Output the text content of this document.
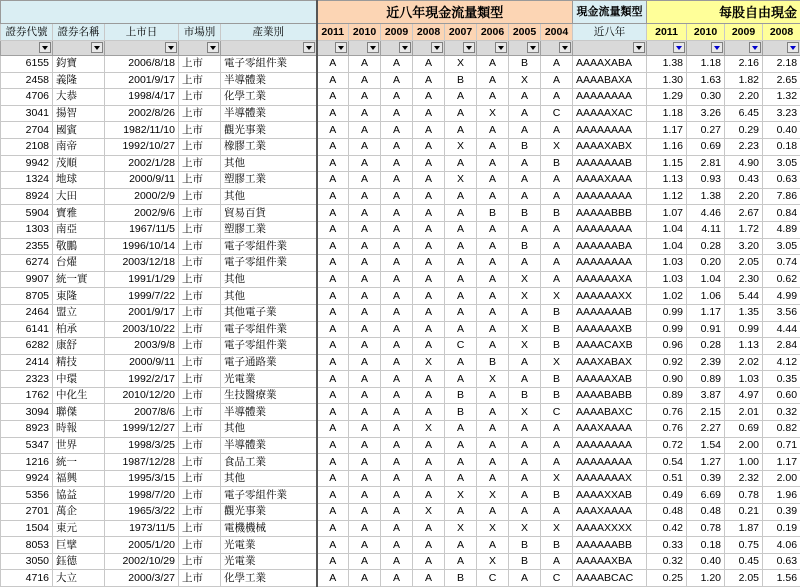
					近八年現金流量類型								現金流量類型	每股自由現金			
證券代號	證券名稱	上市日	市場別	產業別	2011	2010	2009	2008	2007	2006	2005	2004	近八年	2011	2010	2009	2008

6155	鈞寶	2006/8/18	上市	電子零組件業	A	A	A	A	X	A	B	A	AAAAXABA	1.38	1.18	2.16	2.18
2458	義隆	2001/9/17	上市	半導體業	A	A	A	A	B	A	X	A	AAAABAXA	1.30	1.63	1.82	2.65
4706	大恭	1998/4/17	上市	化學工業	A	A	A	A	A	A	A	A	AAAAAAAA	1.29	0.30	2.20	1.32
3041	揚智	2002/8/26	上市	半導體業	A	A	A	A	A	X	A	C	AAAAAXAC	1.18	3.26	6.45	3.23
2704	國賓	1982/11/10	上市	觀光事業	A	A	A	A	A	A	A	A	AAAAAAAA	1.17	0.27	0.29	0.40
2108	南帝	1992/10/27	上市	橡膠工業	A	A	A	A	X	A	B	X	AAAAXABX	1.16	0.69	2.23	0.18
9942	茂順	2002/1/28	上市	其他	A	A	A	A	A	A	A	B	AAAAAAAB	1.15	2.81	4.90	3.05
1324	地球	2000/9/11	上市	塑膠工業	A	A	A	A	X	A	A	A	AAAAXAAA	1.13	0.93	0.43	0.63
8924	大田	2000/2/9	上市	其他	A	A	A	A	A	A	A	A	AAAAAAAA	1.12	1.38	2.20	7.86
5904	寶雅	2002/9/6	上市	貿易百貨	A	A	A	A	A	B	B	B	AAAAABBB	1.07	4.46	2.67	0.84
1303	南亞	1967/11/5	上市	塑膠工業	A	A	A	A	A	A	A	A	AAAAAAAA	1.04	4.11	1.72	4.89
2355	敬鵬	1996/10/14	上市	電子零組件業	A	A	A	A	A	A	B	A	AAAAAABA	1.04	0.28	3.20	3.05
6274	台燿	2003/12/18	上市	電子零組件業	A	A	A	A	A	A	A	A	AAAAAAAA	1.03	0.20	2.05	0.74
9907	統一實	1991/1/29	上市	其他	A	A	A	A	A	A	X	A	AAAAAAXA	1.03	1.04	2.30	0.62
8705	東隆	1999/7/22	上市	其他	A	A	A	A	A	A	X	X	AAAAAAXX	1.02	1.06	5.44	4.99
2464	盟立	2001/9/17	上市	其他電子業	A	A	A	A	A	A	A	B	AAAAAAAB	0.99	1.17	1.35	3.56
6141	柏承	2003/10/22	上市	電子零組件業	A	A	A	A	A	A	X	B	AAAAAAXB	0.99	0.91	0.99	4.44
6282	康舒	2003/9/8	上市	電子零組件業	A	A	A	A	C	A	X	B	AAAACAXB	0.96	0.28	1.13	2.84
2414	精技	2000/9/11	上市	電子通路業	A	A	A	X	A	B	A	X	AAAXABAX	0.92	2.39	2.02	4.12
2323	中環	1992/2/17	上市	光電業	A	A	A	A	A	X	A	B	AAAAAXAB	0.90	0.89	1.03	0.35
1762	中化生	2010/12/20	上市	生技醫療業	A	A	A	A	B	A	B	B	AAAABABB	0.89	3.87	4.97	0.60
3094	聯傑	2007/8/6	上市	半導體業	A	A	A	A	B	A	X	C	AAAABAXC	0.76	2.15	2.01	0.32
8923	時報	1999/12/27	上市	其他	A	A	A	X	A	A	A	A	AAAXAAAA	0.76	2.27	0.69	0.82
5347	世界	1998/3/25	上市	半導體業	A	A	A	A	A	A	A	A	AAAAAAAA	0.72	1.54	2.00	0.71
1216	統一	1987/12/28	上市	食品工業	A	A	A	A	A	A	A	A	AAAAAAAA	0.54	1.27	1.00	1.17
9924	福興	1995/3/15	上市	其他	A	A	A	A	A	A	A	X	AAAAAAAX	0.51	0.39	2.32	2.00
5356	協益	1998/7/20	上市	電子零組件業	A	A	A	A	X	X	A	B	AAAAXXAB	0.49	6.69	0.78	1.96
2701	萬企	1965/3/22	上市	觀光事業	A	A	A	X	A	A	A	A	AAAXAAAA	0.48	0.48	0.21	0.39
1504	東元	1973/11/5	上市	電機機械	A	A	A	A	X	X	X	X	AAAAXXXX	0.42	0.78	1.87	0.19
8053	巨擘	2005/1/20	上市	光電業	A	A	A	A	A	A	B	B	AAAAAABB	0.33	0.18	0.75	4.06
3050	鈺德	2002/10/29	上市	光電業	A	A	A	A	A	X	B	A	AAAAAXBA	0.32	0.40	0.45	0.63
4716	大立	2000/3/27	上市	化學工業	A	A	A	A	B	C	A	C	AAAABCAC	0.25	1.20	2.05	1.56
